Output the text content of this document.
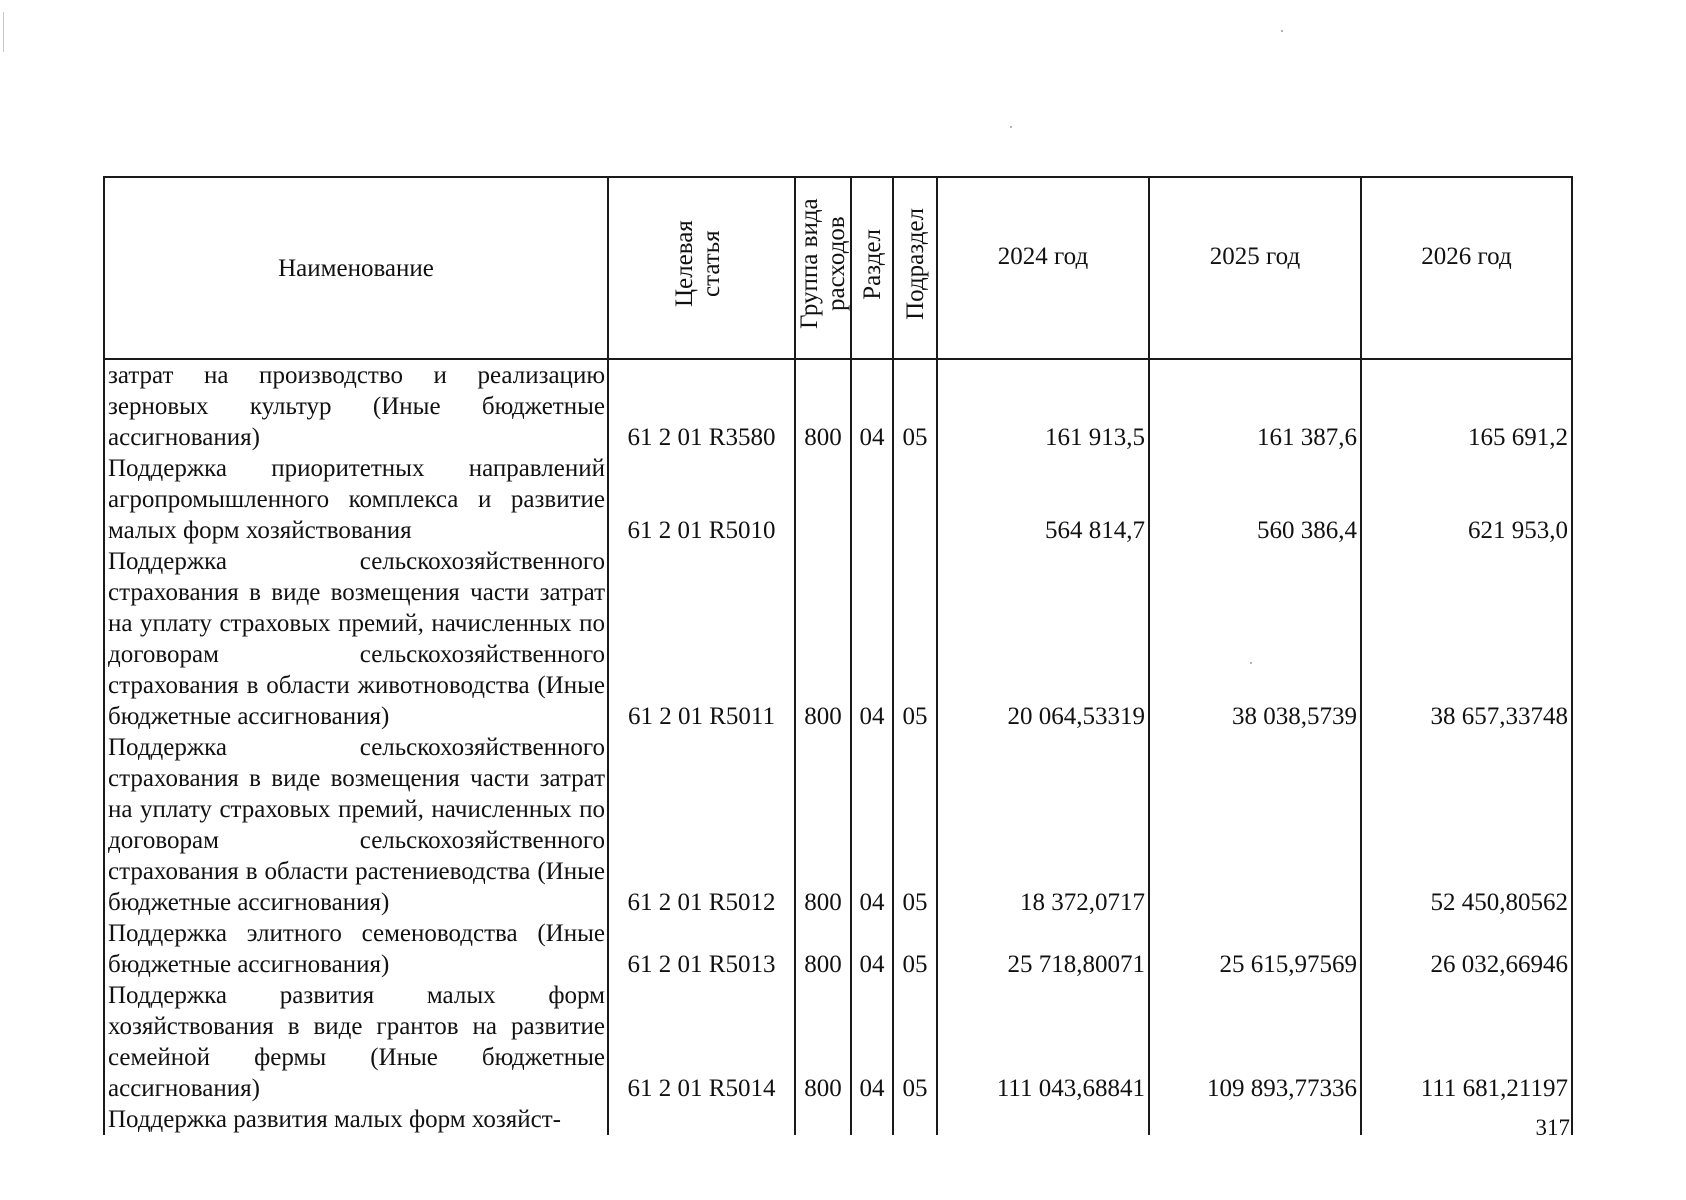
Наименование	Целевая статья	Группа вида расходов	Раздел	Подраздел	2024 год	2025 год	2026 год
затрат на производство и реализацию зерновых культур (Иные бюджетные ассигнования)	61 2 01 R3580	800	04	05	161 913,5	161 387,6	165 691,2
Поддержка приоритетных направлений агропромышленного комплекса и развитие малых форм хозяйствования	61 2 01 R5010				564 814,7	560 386,4	621 953,0
Поддержка сельскохозяйственного страхования в виде возмещения части затрат на уплату страховых премий, начисленных по договорам сельскохозяйственного страхования в области животноводства (Иные бюджетные ассигнования)	61 2 01 R5011	800	04	05	20 064,53319	38 038,5739	38 657,33748
Поддержка сельскохозяйственного страхования в виде возмещения части затрат на уплату страховых премий, начисленных по договорам сельскохозяйственного страхования в области растениеводства (Иные бюджетные ассигнования)	61 2 01 R5012	800	04	05	18 372,0717		52 450,80562
Поддержка элитного семеноводства (Иные бюджетные ассигнования)	61 2 01 R5013	800	04	05	25 718,80071	25 615,97569	26 032,66946
Поддержка развития малых форм хозяйствования в виде грантов на развитие семейной фермы (Иные бюджетные ассигнования)	61 2 01 R5014	800	04	05	111 043,68841	109 893,77336	111 681,21197
Поддержка развития малых форм хозяйст-								317
